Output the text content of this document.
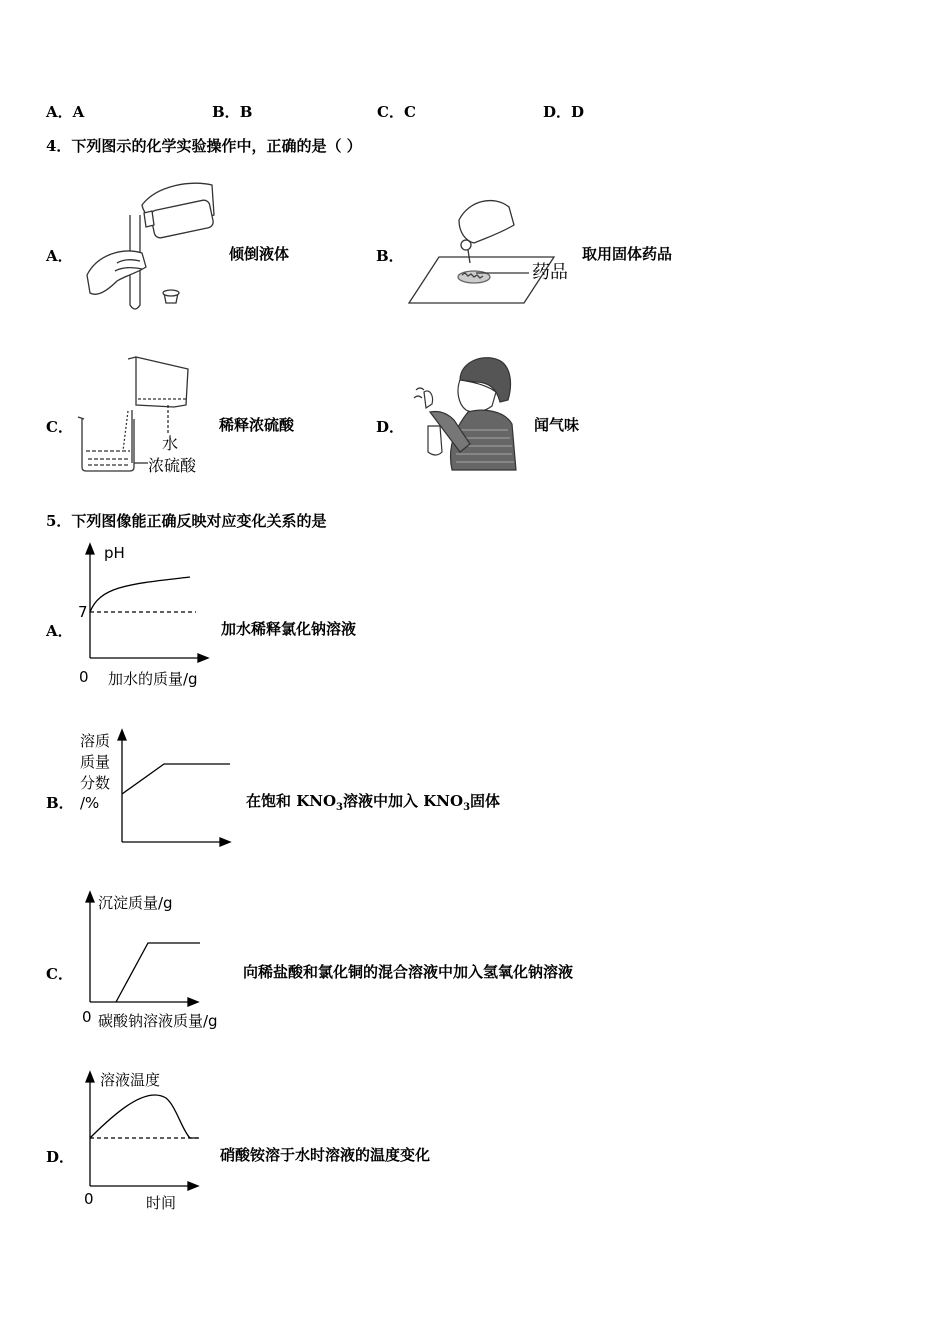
A．A	B．B	C．C	D．D
4．下列图示的化学实验操作中，正确的是（ ）
A．	倾倒液体	B．
药品
取用固体药品
C．
水
浓硫酸
稀释浓硫酸	D．	闻气味
5．下列图像能正确反映对应变化关系的是
A．
pH
7
0 加水的质量/g
加水稀释氯化钠溶液
B．
溶质
质量
分数
/%	在饱和 $KNO_3$溶液中加入 $KNO_3$固体
C．
沉淀质量/g
0 碳酸钠溶液质量/g
向稀盐酸和氯化铜的混合溶液中加入氢氧化钠溶液
D．
溶液温度
0	时间
硝酸铵溶于水时溶液的温度变化
